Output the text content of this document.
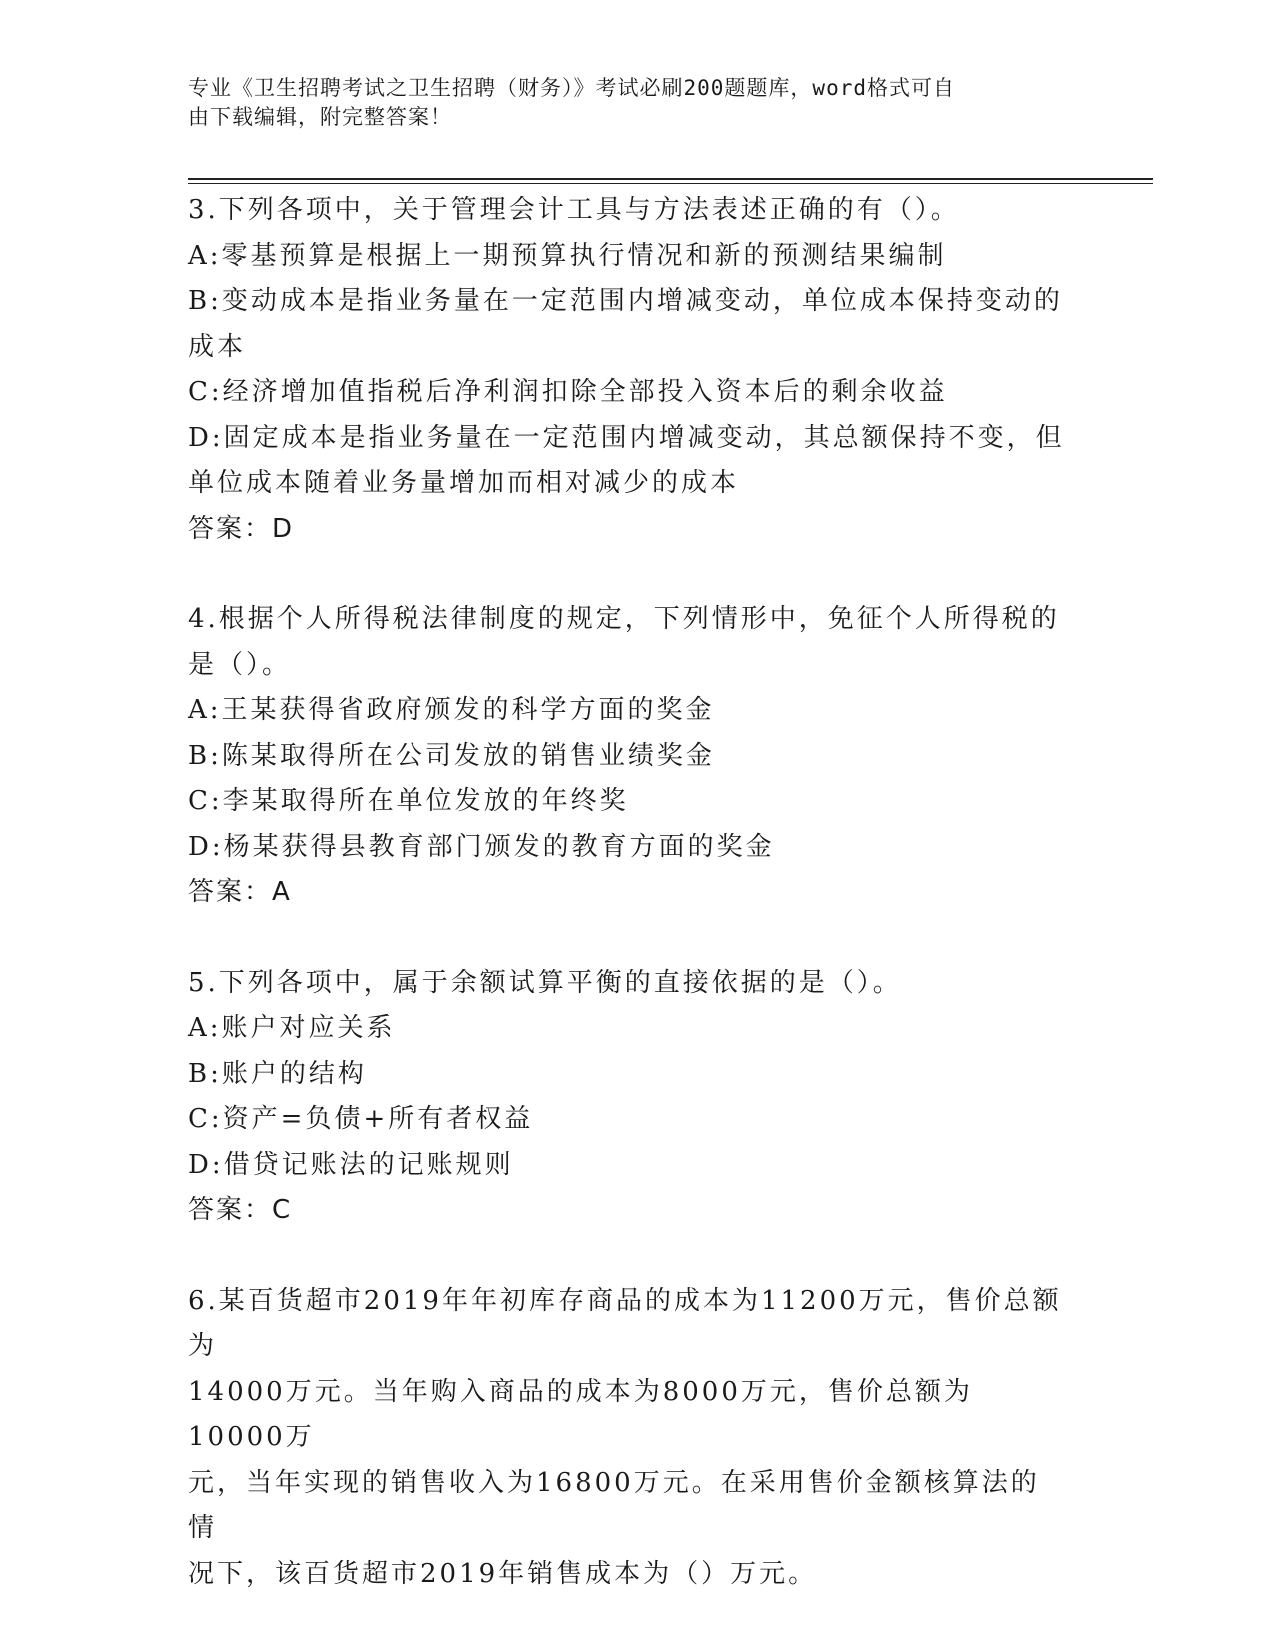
专业《卫生招聘考试之卫生招聘（财务）》考试必刷200题题库，word格式可自
由下载编辑，附完整答案！

3.下列各项中，关于管理会计工具与方法表述正确的有（）。

A:零基预算是根据上一期预算执行情况和新的预测结果编制

B:变动成本是指业务量在一定范围内增减变动，单位成本保持变动的

成本

C:经济增加值指税后净利润扣除全部投入资本后的剩余收益

D:固定成本是指业务量在一定范围内增减变动，其总额保持不变，但

单位成本随着业务量增加而相对减少的成本

答案：D

4.根据个人所得税法律制度的规定，下列情形中，免征个人所得税的

是（）。

A:王某获得省政府颁发的科学方面的奖金

B:陈某取得所在公司发放的销售业绩奖金

C:李某取得所在单位发放的年终奖

D:杨某获得县教育部门颁发的教育方面的奖金

答案：A

5.下列各项中，属于余额试算平衡的直接依据的是（）。

A:账户对应关系

B:账户的结构

C:资产=负债+所有者权益

D:借贷记账法的记账规则

答案：C

6.某百货超市2019年年初库存商品的成本为11200万元，售价总额为

14000万元。当年购入商品的成本为8000万元，售价总额为10000万

元，当年实现的销售收入为16800万元。在采用售价金额核算法的情

况下，该百货超市2019年销售成本为（）万元。
